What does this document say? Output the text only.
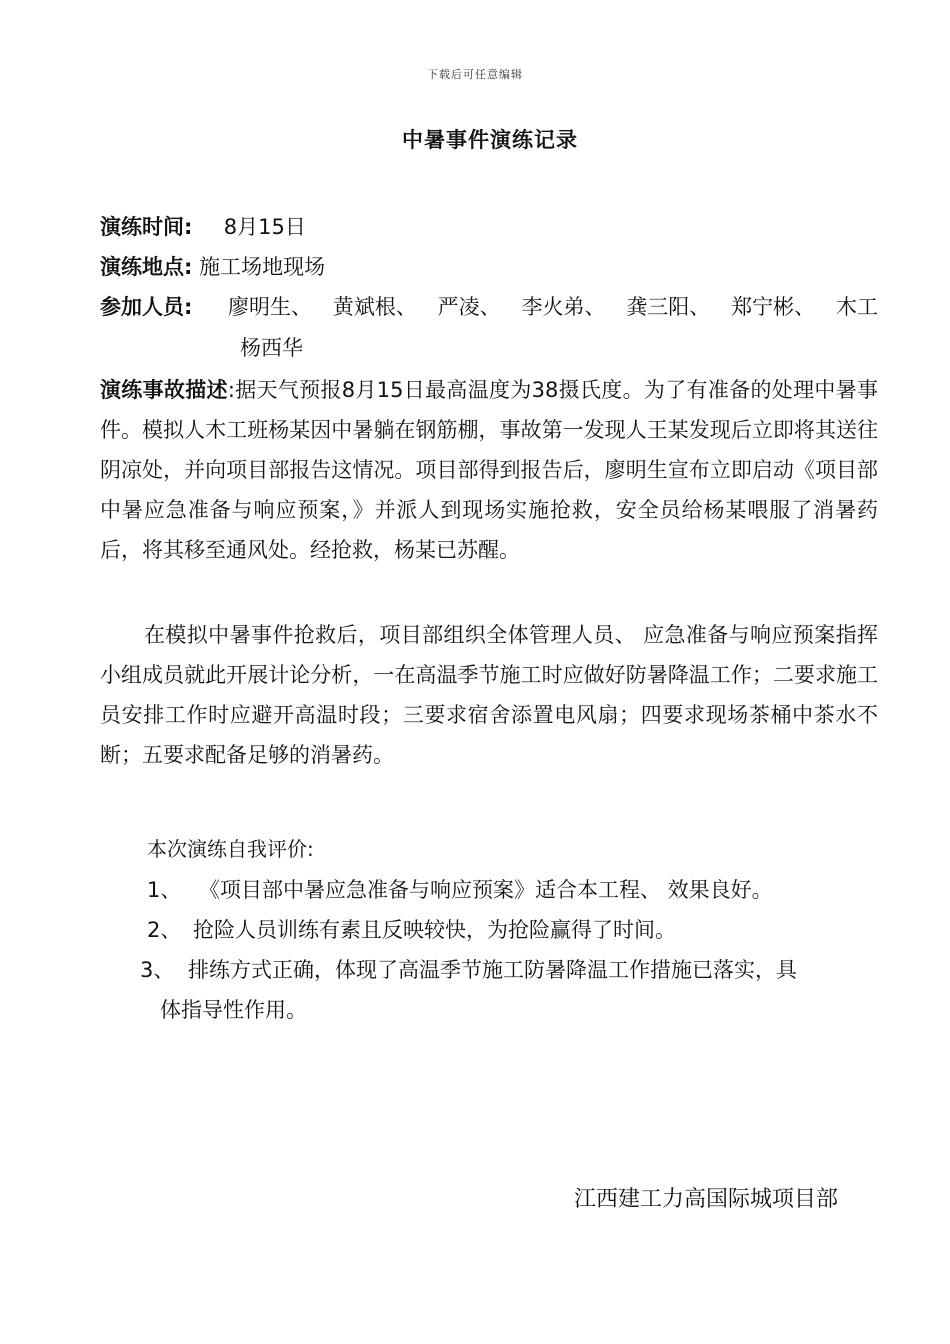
下载后可任意编辑
中暑事件演练记录
演练时间: 8月15日
演练地点: 施工场地现场
参加人员: 廖明生、 黄斌根、 严凌、 李火弟、 龚三阳、 郑宁彬、 木工
杨西华
演练事故描述:据天气预报8月15日最高温度为38摄氏度。为了有准备的处理中暑事件。模拟人木工班杨某因中暑躺在钢筋棚，事故第一发现人王某发现后立即将其送往阴凉处，并向项目部报告这情况。项目部得到报告后，廖明生宣布立即启动《项目部中暑应急准备与响应预案，》并派人到现场实施抢救，安全员给杨某喂服了消暑药后，将其移至通风处。经抢救，杨某已苏醒。
在模拟中暑事件抢救后，项目部组织全体管理人员、 应急准备与响应预案指挥小组成员就此开展计论分析，一在高温季节施工时应做好防暑降温工作；二要求施工员安排工作时应避开高温时段；三要求宿舍添置电风扇；四要求现场茶桶中茶水不断；五要求配备足够的消暑药。
本次演练自我评价:
1、 《项目部中暑应急准备与响应预案》适合本工程、 效果良好。
2、 抢险人员训练有素且反映较快，为抢险赢得了时间。
3、 排练方式正确，体现了高温季节施工防暑降温工作措施已落实，具
体指导性作用。
江西建工力高国际城项目部
